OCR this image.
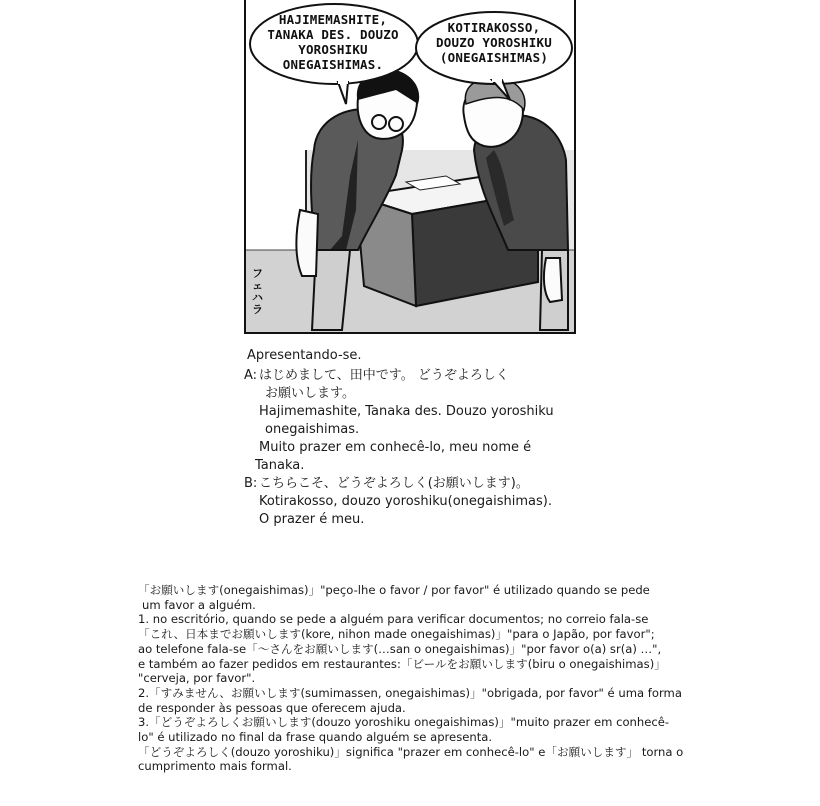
HAJIMEMASHITE,
TANAKA DES. DOUZO
YOROSHIKU
ONEGAISHIMAS.
KOTIRAKOSSO,
DOUZO YOROSHIKU
(ONEGAISHIMAS)
フ
ェ
ハ
ラ
Apresentando-se.
A: はじめまして、田中です。 どうぞよろしく
お願いします。
Hajimemashite, Tanaka des. Douzo yoroshiku
onegaishimas.
Muito prazer em conhecê-lo, meu nome é
Tanaka.
B: こちらこそ、どうぞよろしく(お願いします)。
Kotirakosso, douzo yoroshiku(onegaishimas).
O prazer é meu.
「お願いします(onegaishimas)」"peço-lhe o favor / por favor" é utilizado quando se pede
um favor a alguém.
1. no escritório, quando se pede a alguém para verificar documentos; no correio fala-se
「これ、日本までお願いします(kore, nihon made onegaishimas)」"para o Japão, por favor";
ao telefone fala-se「～さんをお願いします(…san o onegaishimas)」"por favor o(a) sr(a) …",
e também ao fazer pedidos em restaurantes:「ビールをお願いします(biru o onegaishimas)」
"cerveja, por favor".
2.「すみません、お願いします(sumimassen, onegaishimas)」"obrigada, por favor" é uma forma
de responder às pessoas que oferecem ajuda.
3.「どうぞよろしくお願いします(douzo yoroshiku onegaishimas)」"muito prazer em conhecê-
lo" é utilizado no final da frase quando alguém se apresenta.
「どうぞよろしく(douzo yoroshiku)」significa "prazer em conhecê-lo" e「お願いします」 torna o
cumprimento mais formal.
